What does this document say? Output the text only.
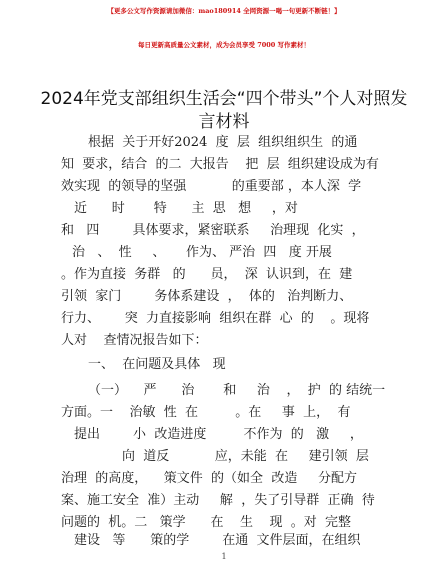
【更多公文写作资源请加微信：mao180914 全网资源一喝一句更新不断链！】
每日更新高质量公文素材，成为会员享受 7000 写作素材！
2024年党支部组织生活会“四个带头”个人对照发言材料
根据  关于开好2024  度  层  组织组织生  的通
知  要求，结合  的二  大报告    把  层  组织建设成为有
效实现  的领导的坚强           的重要部 ，本人深  学
近      时       特      主  思   想     ，对
和   四        具体要求，紧密联系     治理现  化实  ，
治   、  性     、     作为、 严治  四   度 开展
。作为直接  务群   的      员，  深  认识到，在  建
引领  家门        务体系建设  ，  体的   治判断力、
行力、      突  力直接影响  组织在群  心  的    。现将
人对    查情况报告如下：
一、  在问题及具体   现
（一）    严      治       和     治    ，  护  的 结统一
方面。一    治敏  性  在         。在     事  上，  有
提出        小  改造进度         不作为  的   激     ，
向  道反           应，未能  在     建引领  层
治理  的高度，    策文件  的（如全  改造     分配方
案、施工安全  准）主动     解  ，失了引导群  正确  待
问题的  机。二   策学      在    生    现  。对  完整
建设   等      策的学        在通  文件层面，在组织
1
